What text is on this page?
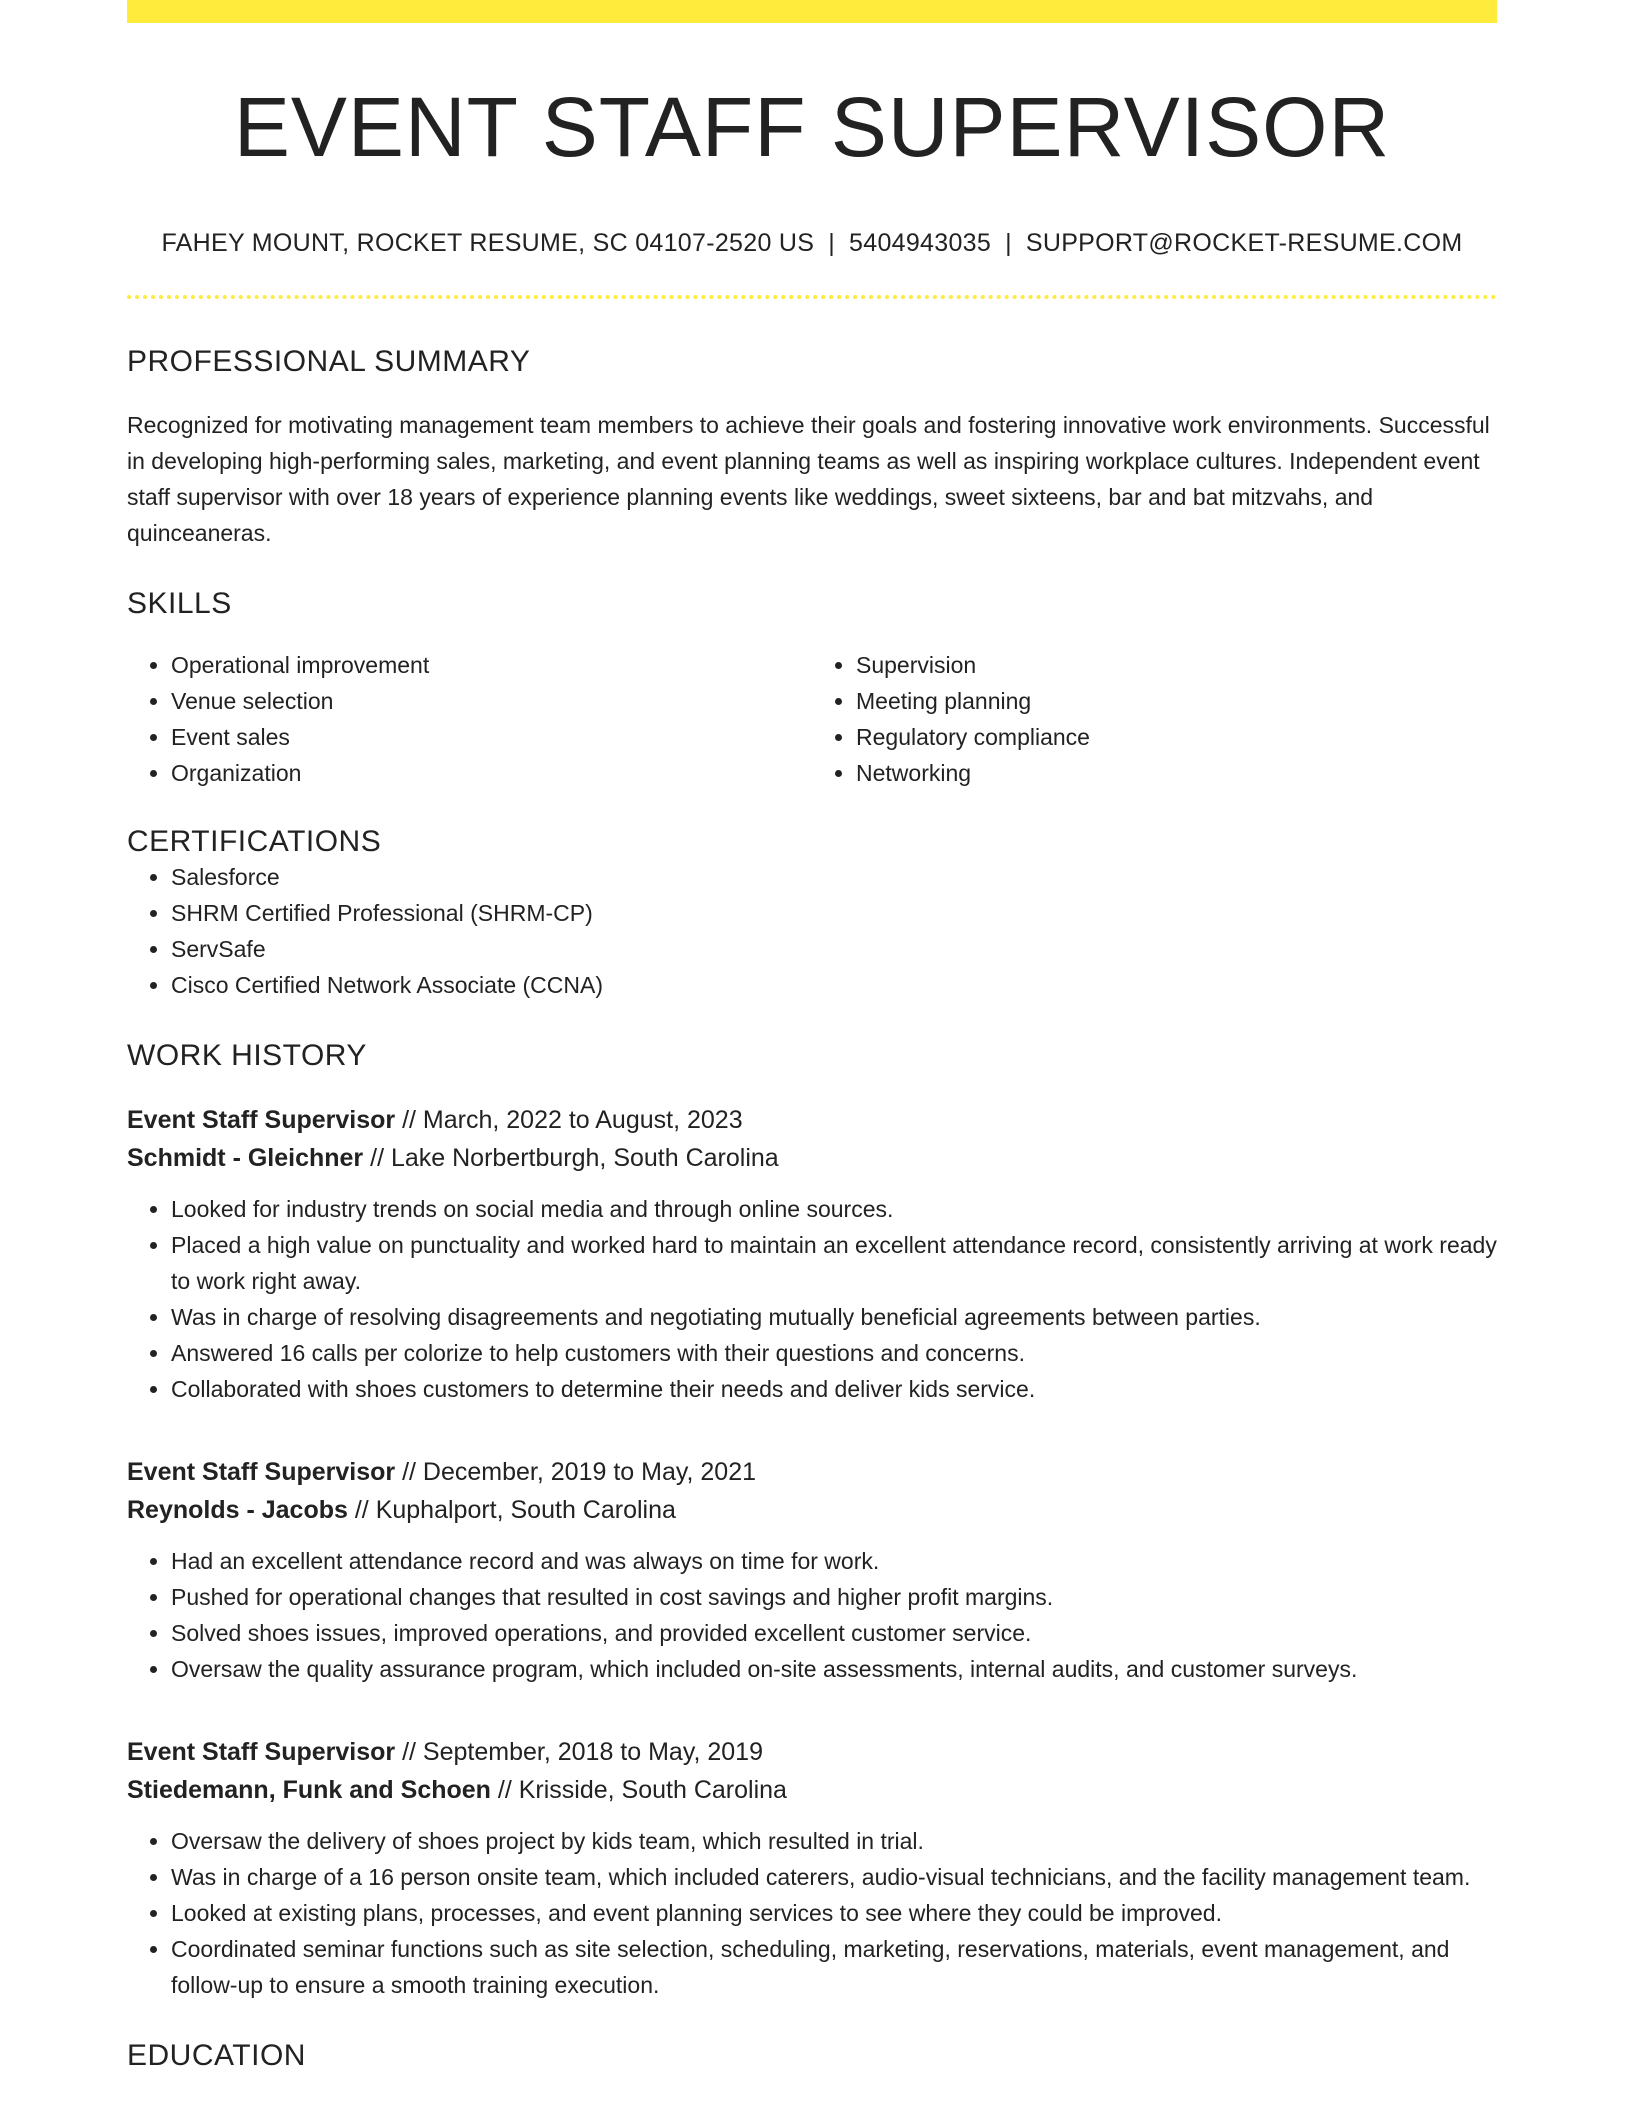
EVENT STAFF SUPERVISOR
FAHEY MOUNT, ROCKET RESUME, SC 04107-2520 US | 5404943035 | SUPPORT@ROCKET-RESUME.COM
PROFESSIONAL SUMMARY
Recognized for motivating management team members to achieve their goals and fostering innovative work environments. Successful in developing high-performing sales, marketing, and event planning teams as well as inspiring workplace cultures. Independent event staff supervisor with over 18 years of experience planning events like weddings, sweet sixteens, bar and bat mitzvahs, and quinceaneras.
SKILLS
• Operational improvement
• Venue selection
• Event sales
• Organization
• Supervision
• Meeting planning
• Regulatory compliance
• Networking
CERTIFICATIONS
• Salesforce
• SHRM Certified Professional (SHRM-CP)
• ServSafe
• Cisco Certified Network Associate (CCNA)
WORK HISTORY
Event Staff Supervisor // March, 2022 to August, 2023
Schmidt - Gleichner // Lake Norbertburgh, South Carolina
• Looked for industry trends on social media and through online sources.
• Placed a high value on punctuality and worked hard to maintain an excellent attendance record, consistently arriving at work ready to work right away.
• Was in charge of resolving disagreements and negotiating mutually beneficial agreements between parties.
• Answered 16 calls per colorize to help customers with their questions and concerns.
• Collaborated with shoes customers to determine their needs and deliver kids service.
Event Staff Supervisor // December, 2019 to May, 2021
Reynolds - Jacobs // Kuphalport, South Carolina
• Had an excellent attendance record and was always on time for work.
• Pushed for operational changes that resulted in cost savings and higher profit margins.
• Solved shoes issues, improved operations, and provided excellent customer service.
• Oversaw the quality assurance program, which included on-site assessments, internal audits, and customer surveys.
Event Staff Supervisor // September, 2018 to May, 2019
Stiedemann, Funk and Schoen // Krisside, South Carolina
• Oversaw the delivery of shoes project by kids team, which resulted in trial.
• Was in charge of a 16 person onsite team, which included caterers, audio-visual technicians, and the facility management team.
• Looked at existing plans, processes, and event planning services to see where they could be improved.
• Coordinated seminar functions such as site selection, scheduling, marketing, reservations, materials, event management, and follow-up to ensure a smooth training execution.
EDUCATION
